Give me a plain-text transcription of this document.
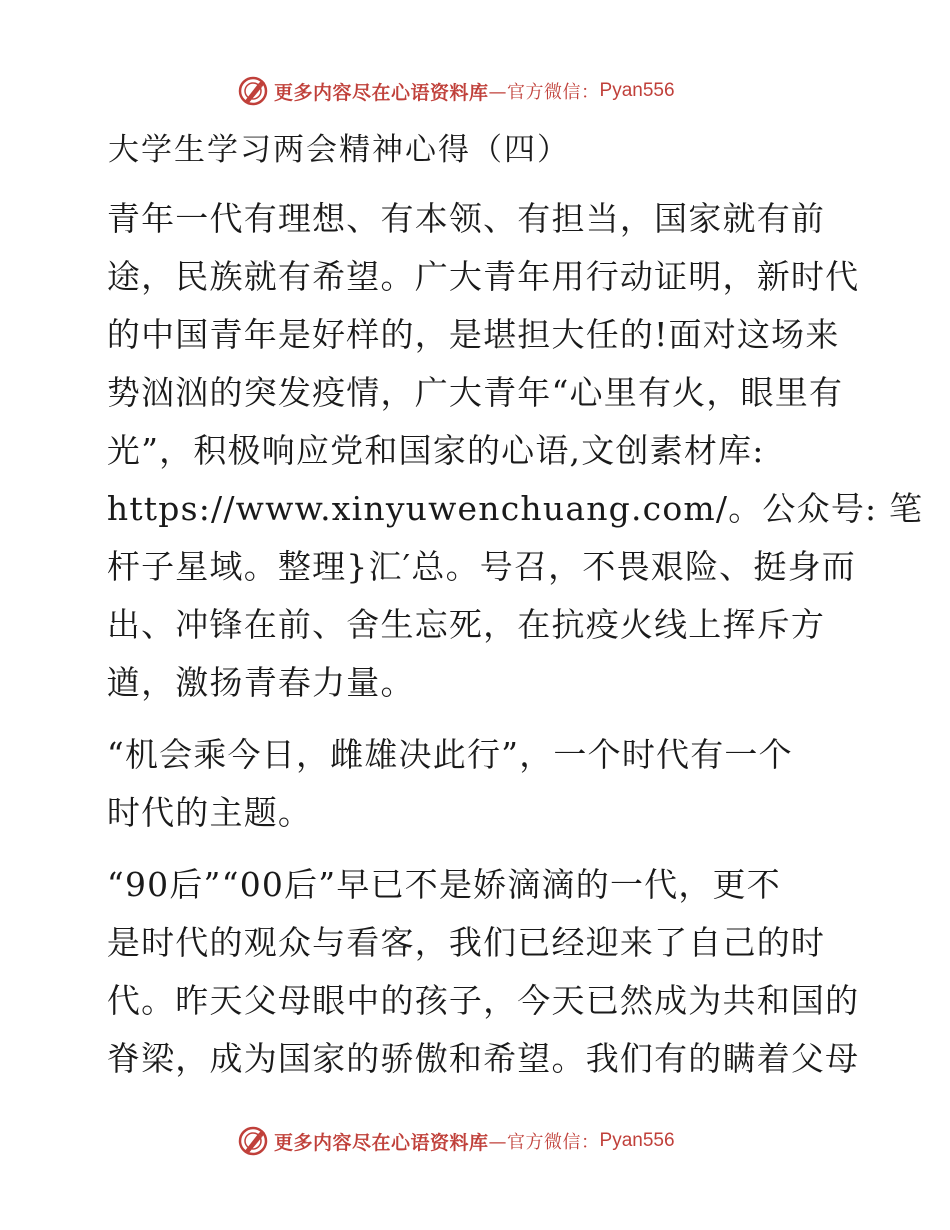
更多内容尽在心语资料库 —官方微信： Pyan556
大学生学习两会精神心得（四）
青年一代有理想、有本领、有担当，国家就有前
途，民族就有希望。广大青年用行动证明，新时代
的中国青年是好样的，是堪担大任的!面对这场来
势汹汹的突发疫情，广大青年“心里有火，眼里有
光”，积极响应党和国家的心语,文创素材库:
https://www.xinyuwenchuang.com/。公众号: 笔
杆子星域。整理}汇′总。号召，不畏艰险、挺身而
出、冲锋在前、舍生忘死，在抗疫火线上挥斥方
遒，激扬青春力量。
“机会乘今日，雌雄决此行”，一个时代有一个
时代的主题。
“90后”“00后”早已不是娇滴滴的一代，更不
是时代的观众与看客，我们已经迎来了自己的时
代。昨天父母眼中的孩子，今天已然成为共和国的
脊梁，成为国家的骄傲和希望。我们有的瞒着父母
更多内容尽在心语资料库 —官方微信： Pyan556
